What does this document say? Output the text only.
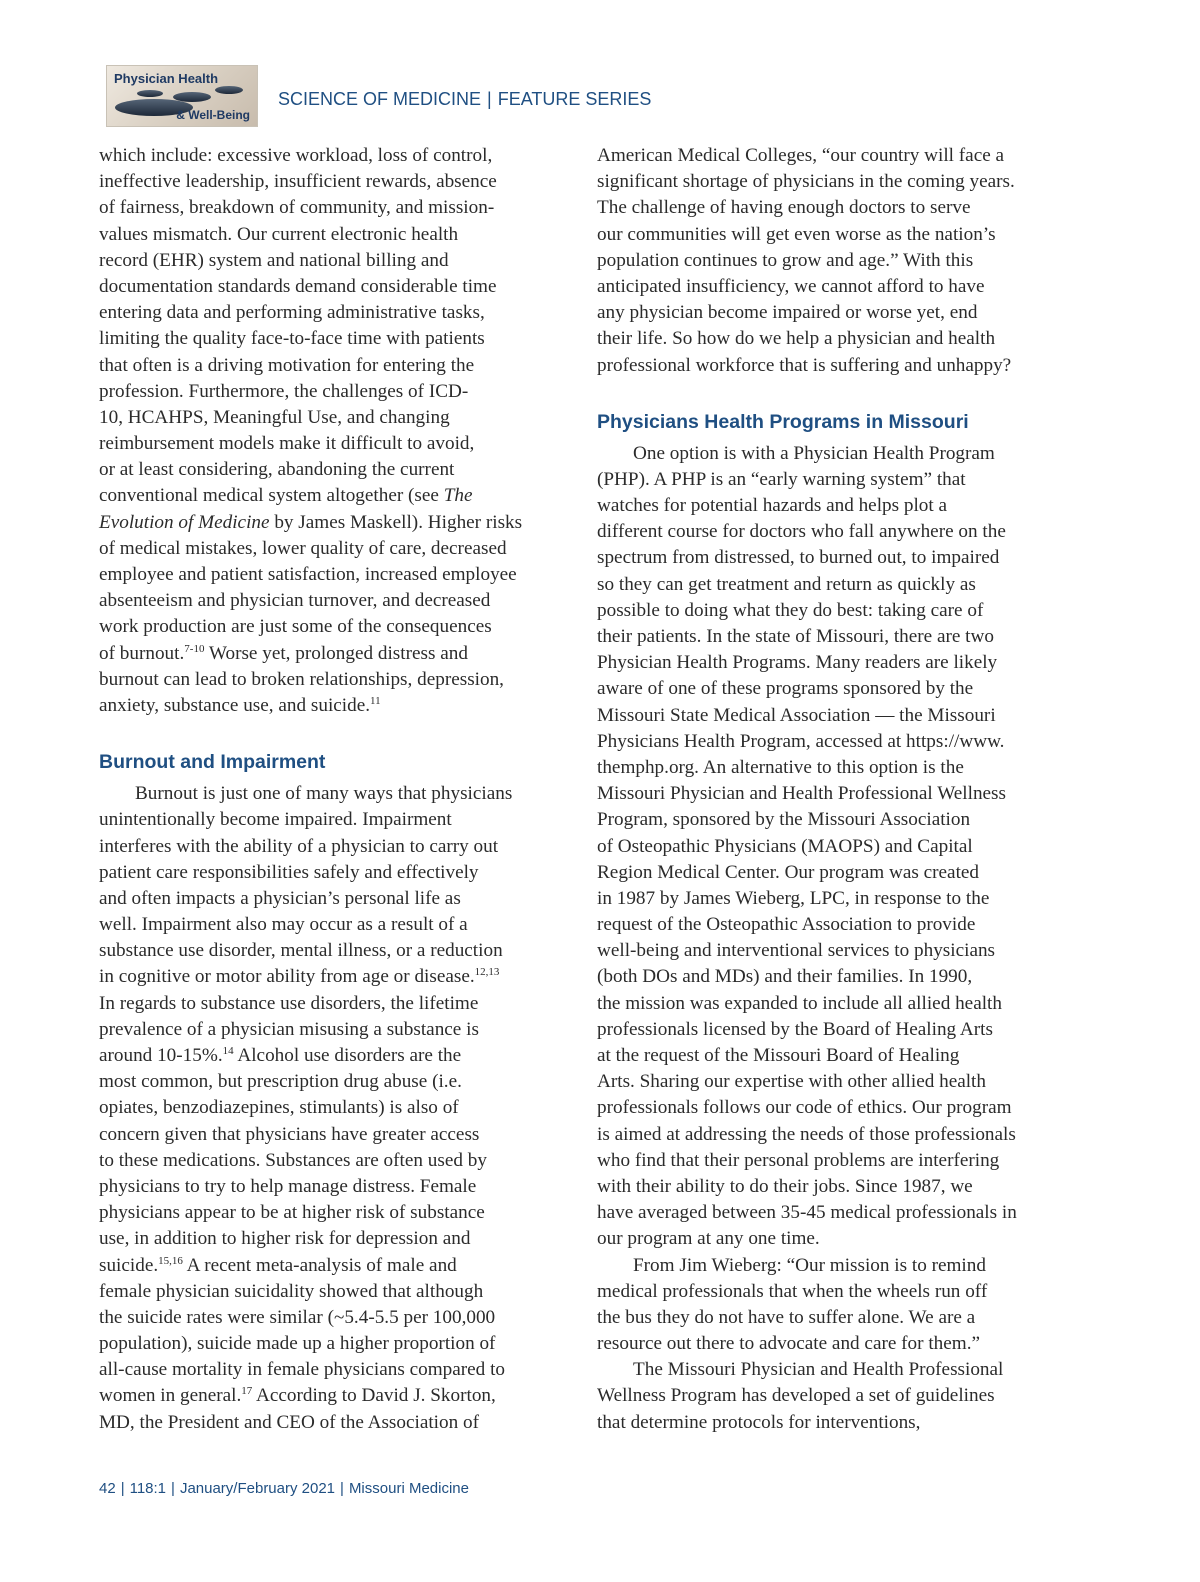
Physician Health
& Well-Being
SCIENCE OF MEDICINE | FEATURE SERIES
which include: excessive workload, loss of control,
ineffective leadership, insufficient rewards, absence
of fairness, breakdown of community, and mission-
values mismatch. Our current electronic health
record (EHR) system and national billing and
documentation standards demand considerable time
entering data and performing administrative tasks,
limiting the quality face-to-face time with patients
that often is a driving motivation for entering the
profession. Furthermore, the challenges of ICD-
10, HCAHPS, Meaningful Use, and changing
reimbursement models make it difficult to avoid,
or at least considering, abandoning the current
conventional medical system altogether (see The
Evolution of Medicine by James Maskell). Higher risks
of medical mistakes, lower quality of care, decreased
employee and patient satisfaction, increased employee
absenteeism and physician turnover, and decreased
work production are just some of the consequences
of burnout.$^{7-10}$ Worse yet, prolonged distress and
burnout can lead to broken relationships, depression,
anxiety, substance use, and suicide.$^{11}$
Burnout and Impairment
Burnout is just one of many ways that physicians
unintentionally become impaired. Impairment
interferes with the ability of a physician to carry out
patient care responsibilities safely and effectively
and often impacts a physician’s personal life as
well. Impairment also may occur as a result of a
substance use disorder, mental illness, or a reduction
in cognitive or motor ability from age or disease.$^{12,13}$
In regards to substance use disorders, the lifetime
prevalence of a physician misusing a substance is
around 10-15%.$^{14}$ Alcohol use disorders are the
most common, but prescription drug abuse (i.e.
opiates, benzodiazepines, stimulants) is also of
concern given that physicians have greater access
to these medications. Substances are often used by
physicians to try to help manage distress. Female
physicians appear to be at higher risk of substance
use, in addition to higher risk for depression and
suicide.$^{15,16}$ A recent meta-analysis of male and
female physician suicidality showed that although
the suicide rates were similar (~5.4-5.5 per 100,000
population), suicide made up a higher proportion of
all-cause mortality in female physicians compared to
women in general.$^{17}$ According to David J. Skorton,
MD, the President and CEO of the Association of
American Medical Colleges, “our country will face a
significant shortage of physicians in the coming years.
The challenge of having enough doctors to serve
our communities will get even worse as the nation’s
population continues to grow and age.” With this
anticipated insufficiency, we cannot afford to have
any physician become impaired or worse yet, end
their life. So how do we help a physician and health
professional workforce that is suffering and unhappy?
Physicians Health Programs in Missouri
One option is with a Physician Health Program
(PHP). A PHP is an “early warning system” that
watches for potential hazards and helps plot a
different course for doctors who fall anywhere on the
spectrum from distressed, to burned out, to impaired
so they can get treatment and return as quickly as
possible to doing what they do best: taking care of
their patients. In the state of Missouri, there are two
Physician Health Programs. Many readers are likely
aware of one of these programs sponsored by the
Missouri State Medical Association — the Missouri
Physicians Health Program, accessed at https://www.
themphp.org. An alternative to this option is the
Missouri Physician and Health Professional Wellness
Program, sponsored by the Missouri Association
of Osteopathic Physicians (MAOPS) and Capital
Region Medical Center. Our program was created
in 1987 by James Wieberg, LPC, in response to the
request of the Osteopathic Association to provide
well-being and interventional services to physicians
(both DOs and MDs) and their families. In 1990,
the mission was expanded to include all allied health
professionals licensed by the Board of Healing Arts
at the request of the Missouri Board of Healing
Arts. Sharing our expertise with other allied health
professionals follows our code of ethics. Our program
is aimed at addressing the needs of those professionals
who find that their personal problems are interfering
with their ability to do their jobs. Since 1987, we
have averaged between 35-45 medical professionals in
our program at any one time.
From Jim Wieberg: “Our mission is to remind
medical professionals that when the wheels run off
the bus they do not have to suffer alone. We are a
resource out there to advocate and care for them.”
The Missouri Physician and Health Professional
Wellness Program has developed a set of guidelines
that determine protocols for interventions,
42 | 118:1 | January/February 2021 | Missouri Medicine
